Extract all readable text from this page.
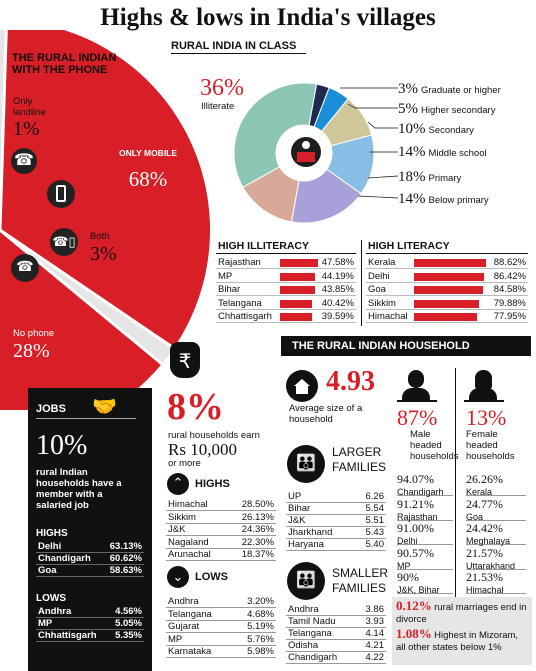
Highs & lows in India's villages
THE RURAL INDIAN WITH THE PHONE
Only landline
1%
ONLY MOBILE
68%
Both
3%
No phone
28%
☎
☎▯
☎
RURAL INDIA IN CLASS
36%
Illiterate
3% Graduate or higher
5% Higher secondary
10% Secondary
14% Middle school
18% Primary
14% Below primary
HIGH ILLITERACY
Rajasthan	47.58%
MP	44.19%
Bihar	43.85%
Telangana	40.42%
Chhattisgarh	39.59%
HIGH LITERACY
Kerala	88.62%
Delhi	86.42%
Goa	84.58%
Sikkim	79.88%
Himachal	77.95%
JOBS 🤝
10%
rural Indian households have a member with a salaried job
HIGHS
Delhi	63.13%
Chandigarh 60.62%
Goa	58.63%
LOWS
Andhra	4.56%
MP	5.05%
Chhattisgarh 5.35%
₹
8%
rural households earn
Rs 10,000
or more
⌃	HIGHS
Himachal	28.50%
Sikkim	26.13%
J&K	24.36%
Nagaland	22.30%
Arunachal	18.37%
⌄	LOWS
Andhra	3.20%
Telangana	4.68%
Gujarat	5.19%
MP	5.76%
Karnataka	5.98%
THE RURAL INDIAN HOUSEHOLD
4.93
Average size of a household
👪
LARGER FAMILIES
UP	6.26
Bihar	5.54
J&K	5.51
Jharkhand	5.43
Haryana	5.40
👪	SMALLER FAMILIES
Andhra	3.86
Tamil Nadu	3.93
Telangana	4.14
Odisha	4.21
Chandigarh	4.22
87%
Male headed households
94.07%
Chandigarh
91.21%
Rajasthan
91.00%
Delhi
90.57%
MP
90%
J&K, Bihar
13%
Female headed households
26.26%
Kerala
24.77%
Goa
24.42%
Meghalaya
21.57%
Uttarakhand
21.53%
Himachal
0.12% rural marriages end in divorce
1.08% Highest in Mizoram, all other states below 1%
